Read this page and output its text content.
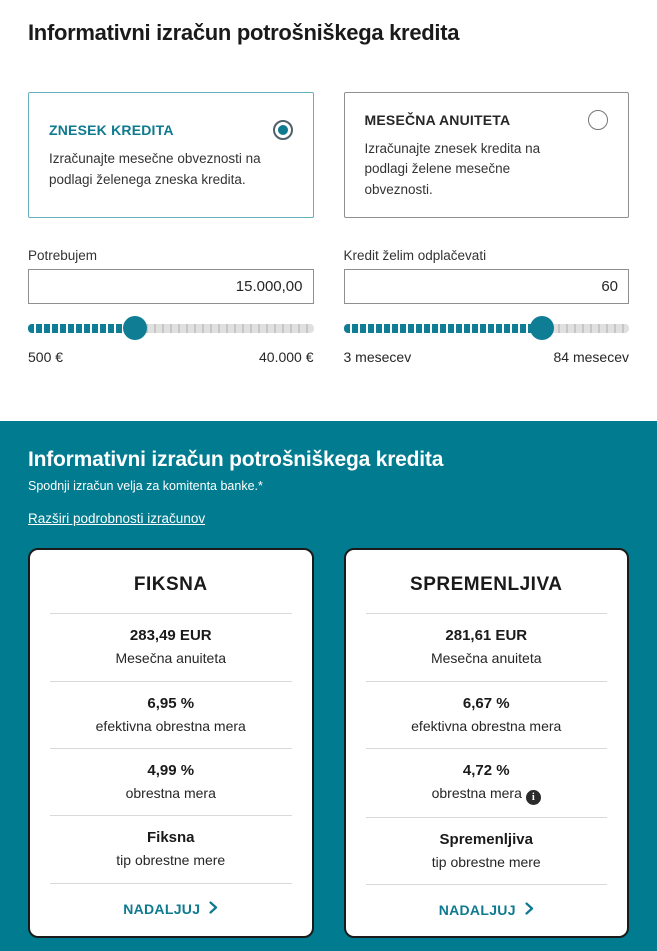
Informativni izračun potrošniškega kredita
ZNESEK KREDITA
Izračunajte mesečne obveznosti na podlagi želenega zneska kredita.
MESEČNA ANUITETA
Izračunajte znesek kredita na podlagi želene mesečne obveznosti.
Potrebujem
15.000,00
500 €	40.000 €
Kredit želim odplačevati
60
3 mesecev	84 mesecev
Informativni izračun potrošniškega kredita
Spodnji izračun velja za komitenta banke.*
Razširi podrobnosti izračunov
FIKSNA
283,49 EUR
Mesečna anuiteta
6,95 %
efektivna obrestna mera
4,99 %
obrestna mera
Fiksna
tip obrestne mere
NADALJUJ
SPREMENLJIVA
281,61 EUR
Mesečna anuiteta
6,67 %
efektivna obrestna mera
4,72 %
obrestna mera i
Spremenljiva
tip obrestne mere
NADALJUJ
